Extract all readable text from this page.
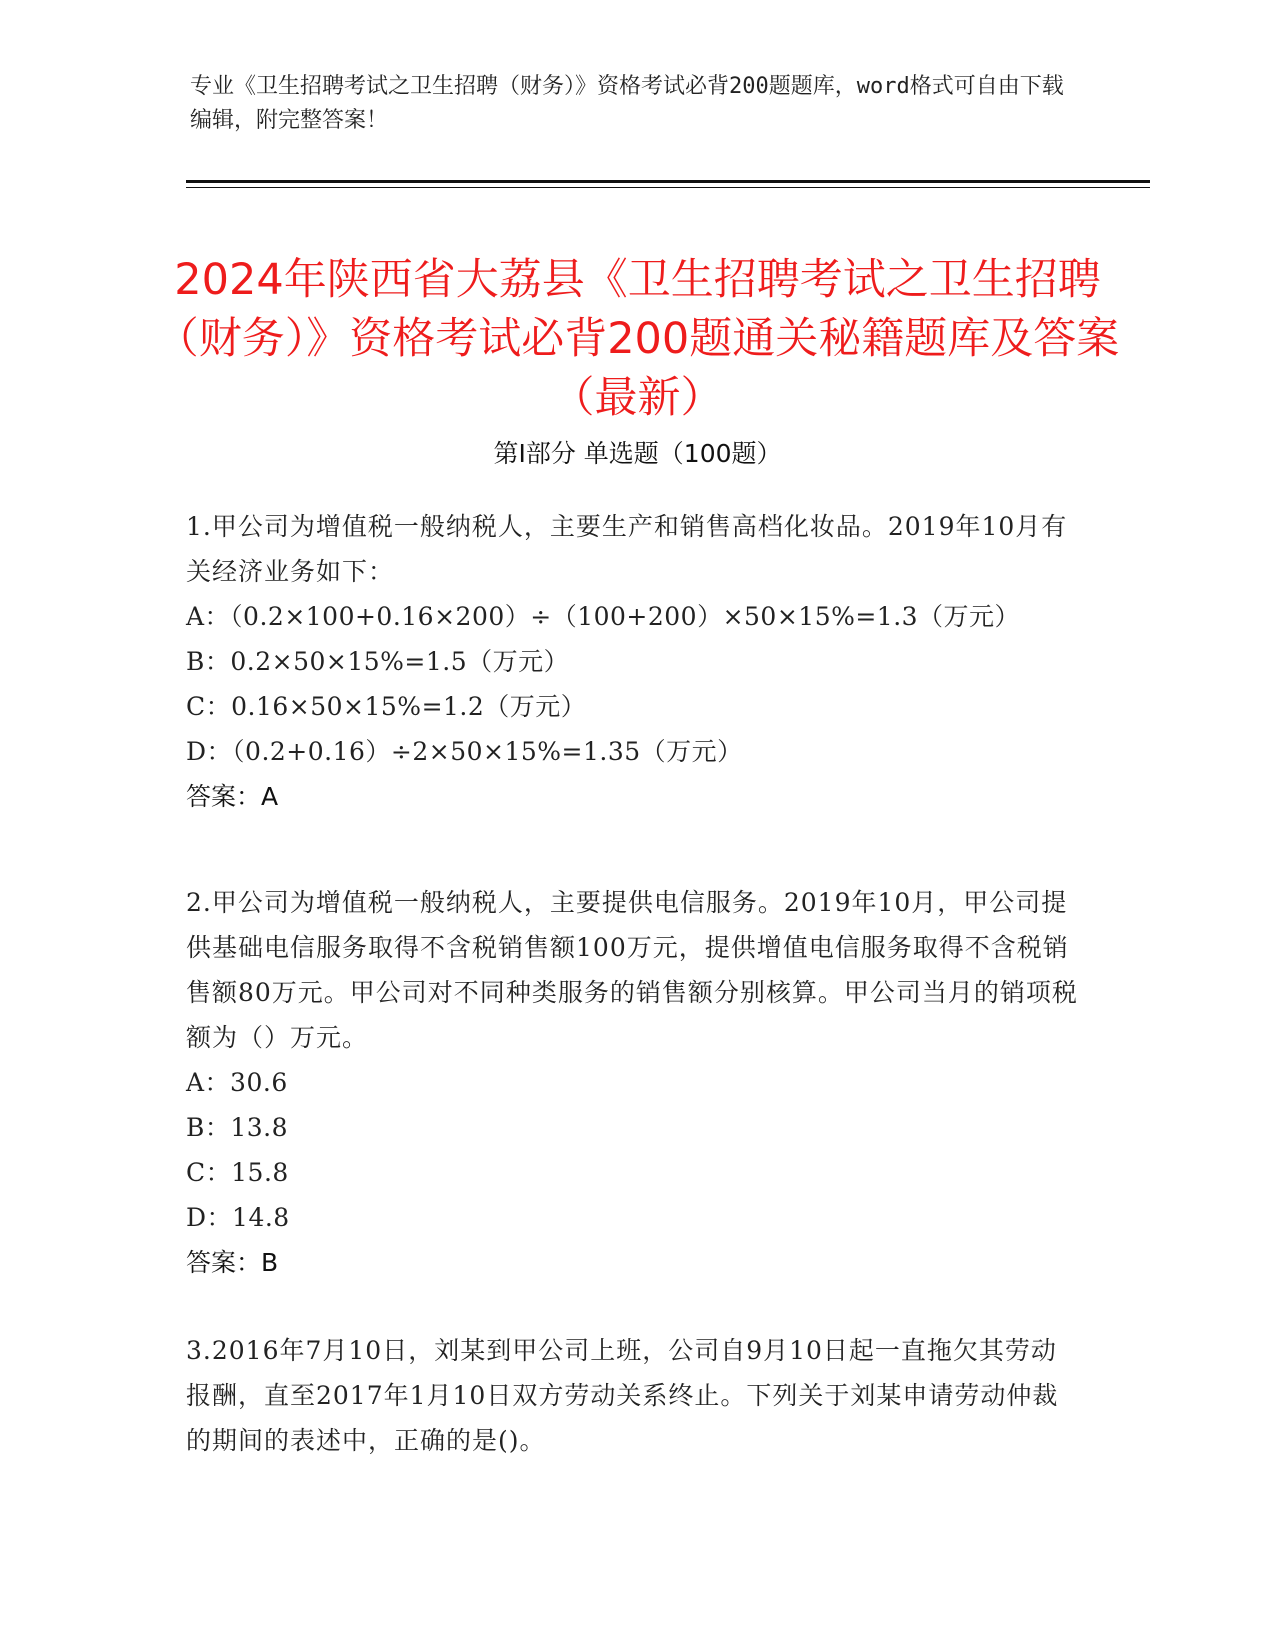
专业《卫生招聘考试之卫生招聘（财务）》资格考试必背200题题库，word格式可自由下载编辑，附完整答案！
2024年陕西省大荔县《卫生招聘考试之卫生招聘（财务）》资格考试必背200题通关秘籍题库及答案（最新）
第Ⅰ部分 单选题（100题）
1.甲公司为增值税一般纳税人，主要生产和销售高档化妆品。2019年10月有关经济业务如下：
A：（0.2×100+0.16×200）÷（100+200）×50×15%=1.3（万元）
B：0.2×50×15%=1.5（万元）
C：0.16×50×15%=1.2（万元）
D：（0.2+0.16）÷2×50×15%=1.35（万元）
答案：A
2.甲公司为增值税一般纳税人，主要提供电信服务。2019年10月，甲公司提供基础电信服务取得不含税销售额100万元，提供增值电信服务取得不含税销售额80万元。甲公司对不同种类服务的销售额分别核算。甲公司当月的销项税额为（）万元。
A：30.6
B：13.8
C：15.8
D：14.8
答案：B
3.2016年7月10日，刘某到甲公司上班，公司自9月10日起一直拖欠其劳动报酬，直至2017年1月10日双方劳动关系终止。下列关于刘某申请劳动仲裁的期间的表述中，正确的是()。
